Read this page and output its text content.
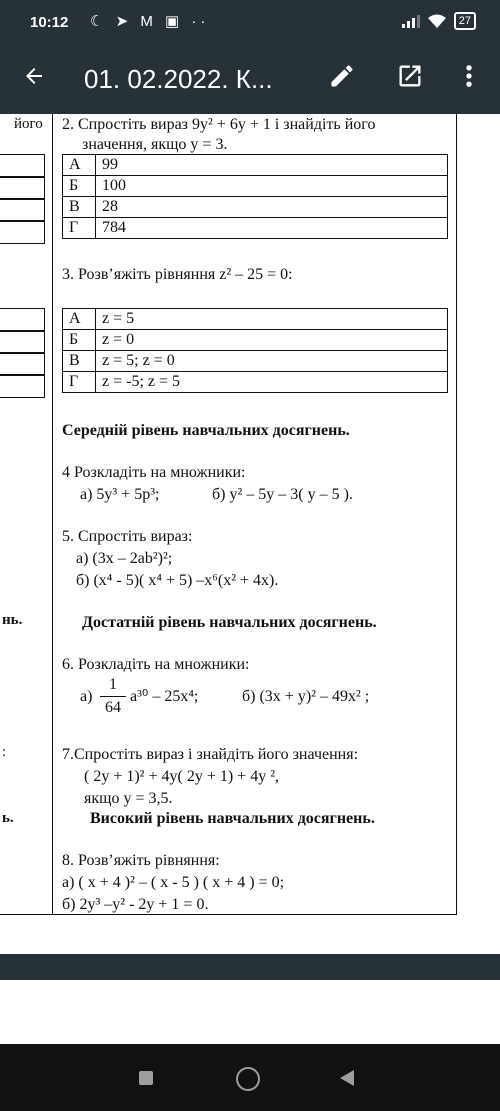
10:12 ☾ ➤ M ▣ ··	27
01. 02.2022. К...
його
нь.
:
ь.
2. Спростіть вираз 9у² + 6у + 1 і знайдіть його
значення, якщо у = 3.
А	99
Б	100
В	28
Г	784
3. Розв’яжіть рівняння z² – 25 = 0:
А	z = 5
Б	z = 0
В	z = 5; z = 0
Г	z = -5; z = 5
Середній рівень навчальних досягнень.
4 Розкладіть на множники:
а) 5у³ + 5р³;	б) у² – 5у – 3( у – 5 ).
5. Спростіть вираз:
а) (3х – 2аb²)²;
б) (х⁴ - 5)( х⁴ + 5) –х⁶(х² + 4х).
Достатній рівень навчальних досягнень.
6. Розкладіть на множники:
а)
1
64
а³⁰ – 25х⁴;	б) (3х + у)² – 49х² ;
7.Спростіть вираз і знайдіть його значення:
( 2у + 1)² + 4у( 2у + 1) + 4у ²,
якщо у = 3,5.
Високий рівень навчальних досягнень.
8. Розв’яжіть рівняння:
а) ( х + 4 )² – ( х - 5 ) ( х + 4 ) = 0;
б) 2у³ –у² - 2у + 1 = 0.
